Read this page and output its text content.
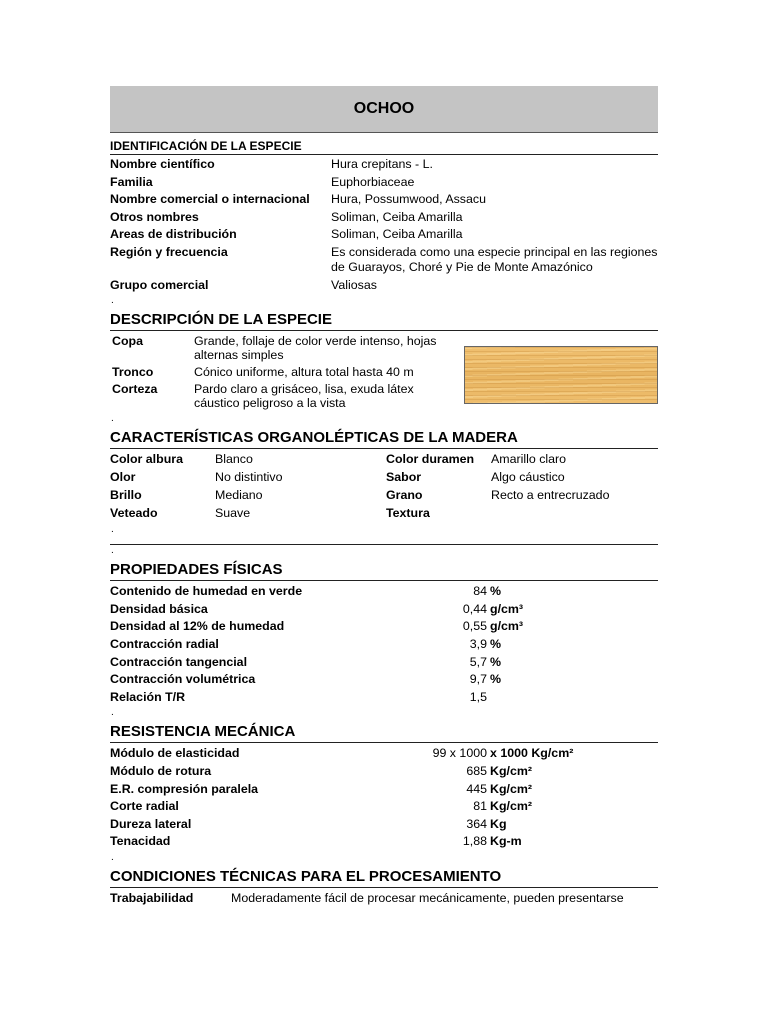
OCHOO
IDENTIFICACIÓN DE LA ESPECIE
Nombre científico	Hura crepitans - L.
Familia	Euphorbiaceae
Nombre comercial o internacional	Hura, Possumwood, Assacu
Otros nombres	Soliman, Ceiba Amarilla
Areas de distribución	Soliman, Ceiba Amarilla
Región y frecuencia	Es considerada como una especie principal en las regiones de Guarayos, Choré y Pie de Monte Amazónico
Grupo comercial	Valiosas
.
DESCRIPCIÓN DE LA ESPECIE
Copa	Grande, follaje de color verde intenso, hojas alternas simples
Tronco	Cónico uniforme, altura total hasta 40 m
Corteza	Pardo claro a grisáceo, lisa, exuda látex cáustico peligroso a la vista
.
CARACTERÍSTICAS ORGANOLÉPTICAS DE LA MADERA
Color albura	Blanco	Color duramen	Amarillo claro
Olor	No distintivo	Sabor	Algo cáustico
Brillo	Mediano	Grano	Recto a entrecruzado
Veteado	Suave	Textura
.
.
PROPIEDADES FÍSICAS
Contenido de humedad en verde	84 %
Densidad básica	0,44 g/cm³
Densidad al 12% de humedad	0,55 g/cm³
Contracción radial	3,9 %
Contracción tangencial	5,7 %
Contracción volumétrica	9,7 %
Relación T/R	1,5
.
RESISTENCIA MECÁNICA
Módulo de elasticidad	99 x 1000 x 1000 Kg/cm²
Módulo de rotura	685 Kg/cm²
E.R. compresión paralela	445 Kg/cm²
Corte radial	81 Kg/cm²
Dureza lateral	364 Kg
Tenacidad	1,88 Kg-m
.
CONDICIONES TÉCNICAS PARA EL PROCESAMIENTO
Trabajabilidad	Moderadamente fácil de procesar mecánicamente, pueden presentarse
